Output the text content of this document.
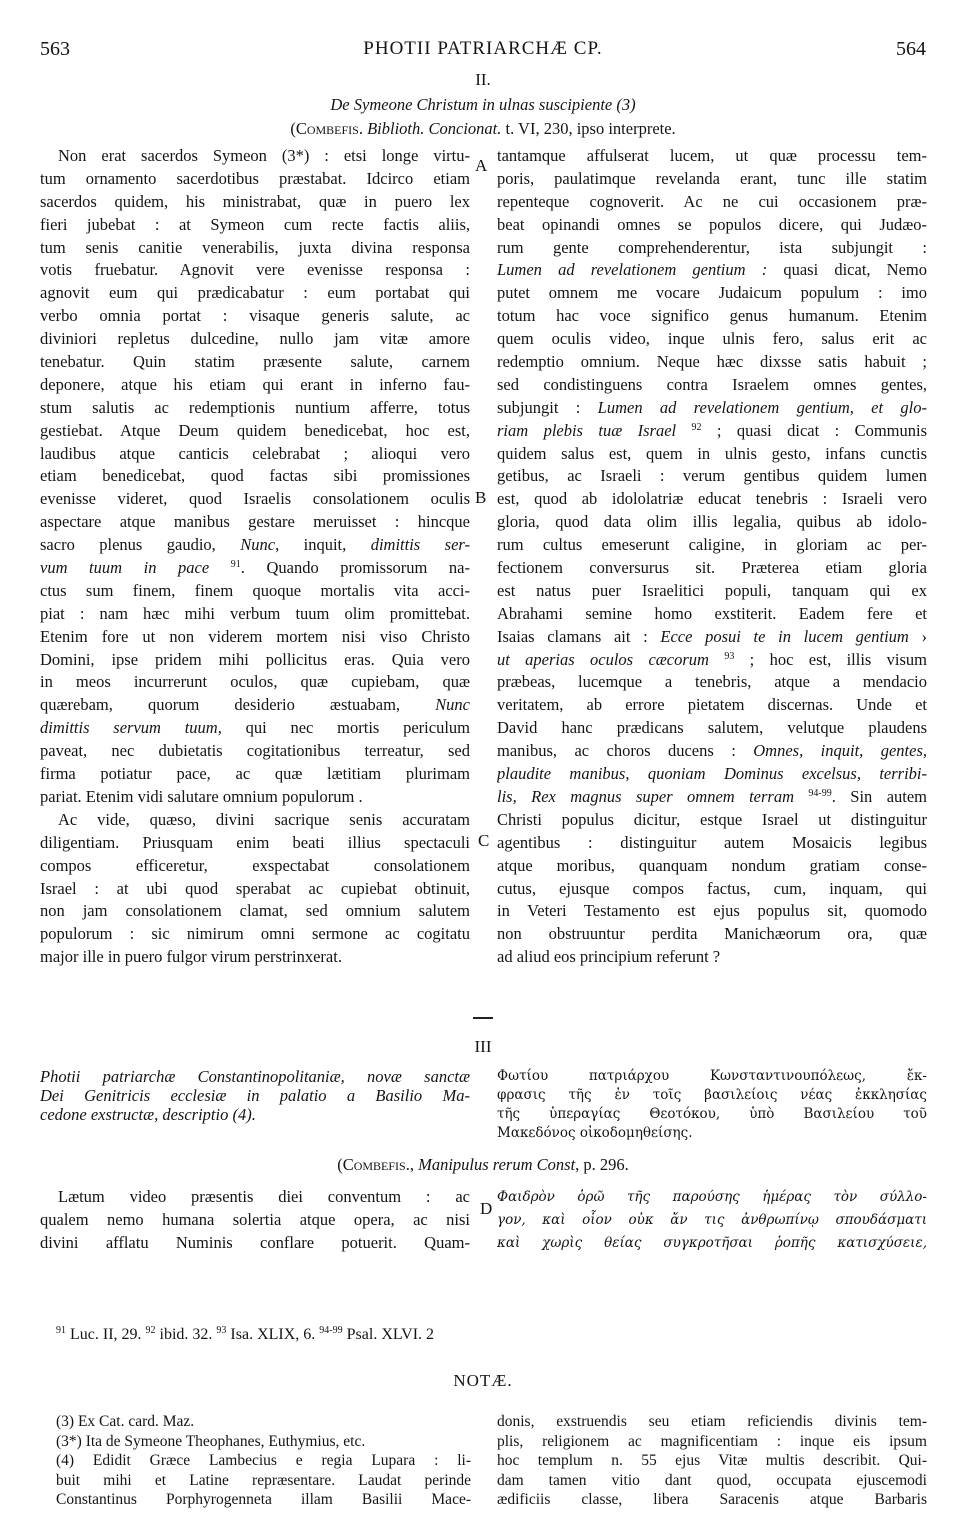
563	PHOTII PATRIARCHÆ CP.	564
II.
De Symeone Christum in ulnas suscipiente (3)
(Combefis. Biblioth. Concionat. t. VI, 230, ipso interprete.
Non erat sacerdos Symeon (3*) : etsi longe virtu-
tum ornamento sacerdotibus præstabat. Idcirco etiam
sacerdos quidem, his ministrabat, quæ in puero lex
fieri jubebat : at Symeon cum recte factis aliis,
tum senis canitie venerabilis, juxta divina responsa
votis fruebatur. Agnovit vere evenisse responsa :
agnovit eum qui prædicabatur : eum portabat qui
verbo omnia portat : visaque generis salute, ac
diviniori repletus dulcedine, nullo jam vitæ amore
tenebatur. Quin statim præsente salute, carnem
deponere, atque his etiam qui erant in inferno fau-
stum salutis ac redemptionis nuntium afferre, totus
gestiebat. Atque Deum quidem benedicebat, hoc est,
laudibus atque canticis celebrabat ; alioqui vero
etiam benedicebat, quod factas sibi promissiones
evenisse videret, quod Israelis consolationem oculis
aspectare atque manibus gestare meruisset : hincque
sacro plenus gaudio, Nunc, inquit, dimittis ser-
vum tuum in pace $^{91}$. Quando promissorum na-
ctus sum finem, finem quoque mortalis vita acci-
piat : nam hæc mihi verbum tuum olim promittebat.
Etenim fore ut non viderem mortem nisi viso Christo
Domini, ipse pridem mihi pollicitus eras. Quia vero
in meos incurrerunt oculos, quæ cupiebam, quæ
quærebam, quorum desiderio æstuabam, Nunc
dimittis servum tuum, qui nec mortis periculum
paveat, nec dubietatis cogitationibus terreatur, sed
firma potiatur pace, ac quæ lætitiam plurimam
pariat. Etenim vidi salutare omnium populorum .
Ac vide, quæso, divini sacrique senis accuratam
diligentiam. Priusquam enim beati illius spectaculi
compos efficeretur, exspectabat consolationem
Israel : at ubi quod sperabat ac cupiebat obtinuit,
non jam consolationem clamat, sed omnium salutem
populorum : sic nimirum omni sermone ac cogitatu
major ille in puero fulgor virum perstrinxerat.
A
B
C
D
tantamque affulserat lucem, ut quæ processu tem-
poris, paulatimque revelanda erant, tunc ille statim
repenteque cognoverit. Ac ne cui occasionem præ-
beat opinandi omnes se populos dicere, qui Judæo-
rum gente comprehenderentur, ista subjungit :
Lumen ad revelationem gentium : quasi dicat, Nemo
putet omnem me vocare Judaicum populum : imo
totum hac voce significo genus humanum. Etenim
quem oculis video, inque ulnis fero, salus erit ac
redemptio omnium. Neque hæc dixsse satis habuit ;
sed condistinguens contra Israelem omnes gentes,
subjungit : Lumen ad revelationem gentium, et glo-
riam plebis tuæ Israel $^{92}$ ; quasi dicat : Communis
quidem salus est, quem in ulnis gesto, infans cunctis
getibus, ac Israeli : verum gentibus quidem lumen
est, quod ab idololatriæ educat tenebris : Israeli vero
gloria, quod data olim illis legalia, quibus ab idolo-
rum cultus emeserunt caligine, in gloriam ac per-
fectionem conversurus sit. Præterea etiam gloria
est natus puer Israelitici populi, tanquam qui ex
Abrahami semine homo exstiterit. Eadem fere et
Isaias clamans ait : Ecce posui te in lucem gentium ›
ut aperias oculos cæcorum $^{93}$ ; hoc est, illis visum
præbeas, lucemque a tenebris, atque a mendacio
veritatem, ab errore pietatem discernas. Unde et
David hanc prædicans salutem, velutque plaudens
manibus, ac choros ducens : Omnes, inquit, gentes,
plaudite manibus, quoniam Dominus excelsus, terribi-
lis, Rex magnus super omnem terram $^{94-99}$. Sin autem
Christi populus dicitur, estque Israel ut distinguitur
agentibus : distinguitur autem Mosaicis legibus
atque moribus, quanquam nondum gratiam conse-
cutus, ejusque compos factus, cum, inquam, qui
in Veteri Testamento est ejus populus sit, quomodo
non obstruuntur perdita Manichæorum ora, quæ
ad aliud eos principium referunt ?
III
Photii patriarchæ Constantinopolitaniæ, novæ sanctæ
Dei Genitricis ecclesiæ in palatio a Basilio Ma-
cedone exstructæ, descriptio (4).
Φωτίου πατριάρχου Κωνσταντινουπόλεως, ἔκ-
φρασις τῆς ἐν τοῖς βασιλείοις νέας ἐκκλησίας
τῆς ὑπεραγίας Θεοτόκου, ὑπὸ Βασιλείου τοῦ
Μακεδόνος οἰκοδομηθείσης.
(Combefis., Manipulus rerum Const, p. 296.
Lætum video præsentis diei conventum : ac
qualem nemo humana solertia atque opera, ac nisi
divini afflatu Numinis conflare potuerit. Quam-
Φαιδρὸν ὁρῶ τῆς παρούσης ἡμέρας τὸν σύλλο-
γον, καὶ οἷον οὐκ ἄν τις ἀνθρωπίνῳ σπουδάσματι
καὶ χωρὶς θείας συγκροτῆσαι ῥοπῆς κατισχύσειε,
$^{91}$ Luc. II, 29. $^{92}$ ibid. 32. $^{93}$ Isa. XLIX, 6. $^{94-99}$ Psal. XLVI. 2
NOTÆ.
(3) Ex Cat. card. Maz.
(3*) Ita de Symeone Theophanes, Euthymius, etc.
(4) Edidit Græce Lambecius e regia Lupara : li-
buit mihi et Latine repræsentare. Laudat perinde
Constantinus Porphyrogenneta illam Basilii Mace-
donis, exstruendis seu etiam reficiendis divinis tem-
plis, religionem ac magnificentiam : inque eis ipsum
hoc templum n. 55 ejus Vitæ multis describit. Qui-
dam tamen vitio dant quod, occupata ejuscemodi
ædificiis classe, libera Saracenis atque Barbaris
